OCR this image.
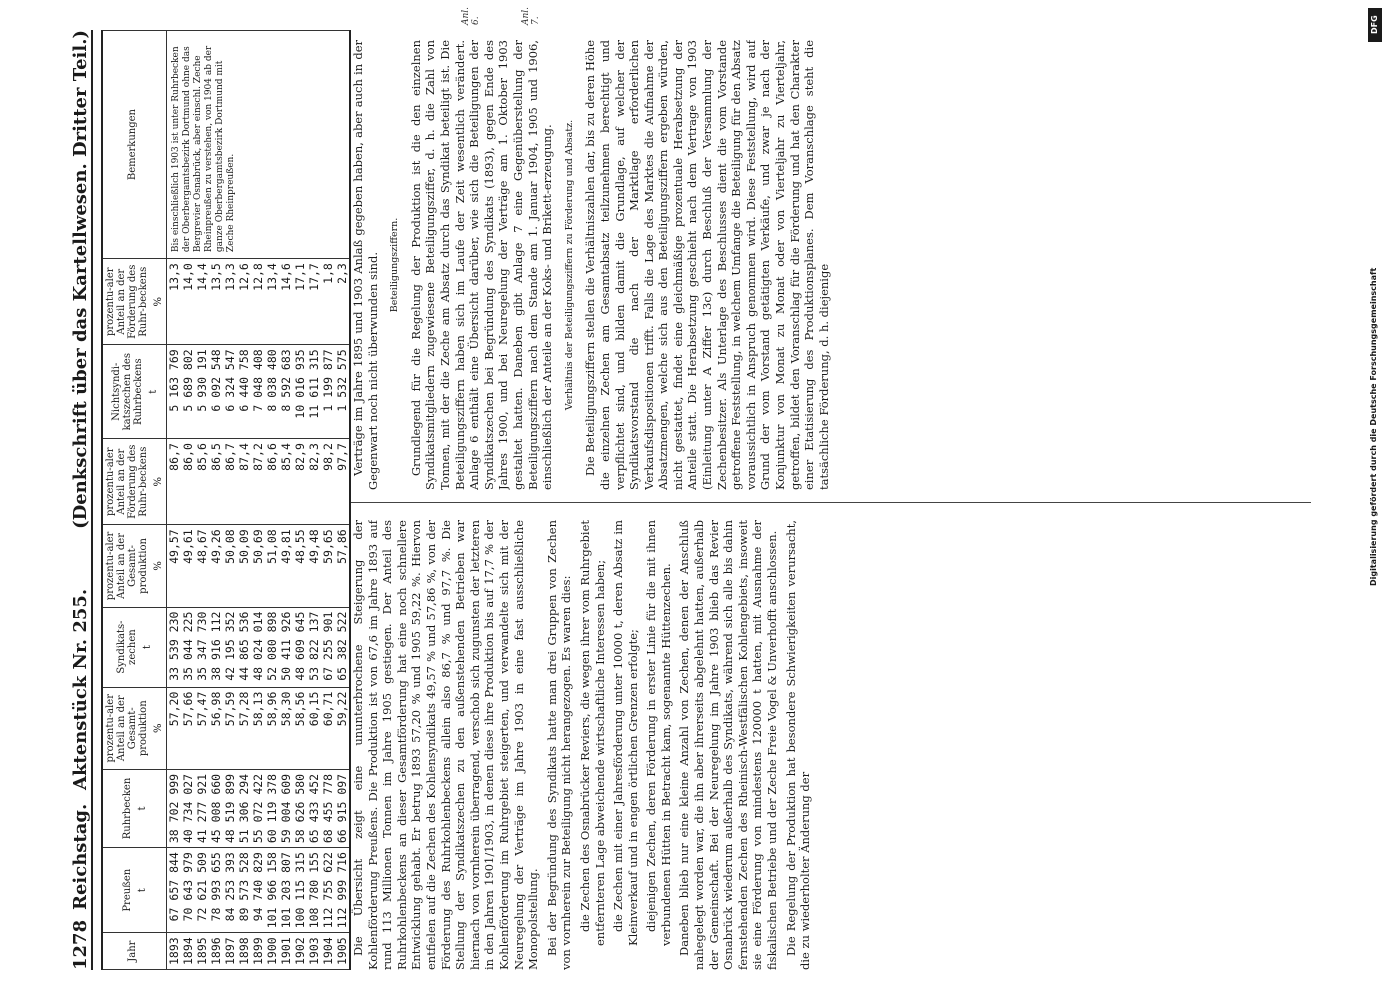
1278
Reichstag.
Aktenstück Nr. 255.
(Denkschrift über das Kartellwesen. Dritter Teil.)
Jahr	Preußen t	Ruhrbecken t	prozentu-aler Anteil an der Gesamt-produktion %	Syndikats-zechen t	prozentu-aler Anteil an der Gesamt-produktion %	prozentu-aler Anteil an der Förderung des Ruhr-beckens %	Nichtsyndi-katszechen des Ruhrbeckens t	prozentu-aler Anteil an der Förderung des Ruhr-beckens %	Bemerkungen

1893	67 657 844	38 702 999	57,20	33 539 230	49,57	86,7	5 163 769	13,3	Bis einschließlich 1903 ist unter Ruhrbecken der Oberbergamtsbezirk Dortmund ohne das Bergrevier Osnabrück, aber einschl. Zeche Rheinpreußen zu verstehen, von 1904 ab der ganze Oberbergamtsbezirk Dortmund mit Zeche Rheinpreußen.
1894	70 643 979	40 734 027	57,66	35 044 225	49,61	86,0	5 689 802	14,0	
1895	72 621 509	41 277 921	57,47	35 347 730	48,67	85,6	5 930 191	14,4	
1896	78 993 655	45 008 660	56,98	38 916 112	49,26	86,5	6 092 548	13,5	
1897	84 253 393	48 519 899	57,59	42 195 352	50,08	86,7	6 324 547	13,3	
1898	89 573 528	51 306 294	57,28	44 865 536	50,09	87,4	6 440 758	12,6	
1899	94 740 829	55 072 422	58,13	48 024 014	50,69	87,2	7 048 408	12,8	
1900	101 966 158	60 119 378	58,96	52 080 898	51,08	86,6	8 038 480	13,4	
1901	101 203 807	59 004 609	58,30	50 411 926	49,81	85,4	8 592 683	14,6	
1902	100 115 315	58 626 580	58,56	48 609 645	48,55	82,9	10 016 935	17,1	
1903	108 780 155	65 433 452	60,15	53 822 137	49,48	82,3	11 611 315	17,7	
1904	112 755 622	68 455 778	60,71	67 255 901	59,65	98,2	1 199 877	1,8	
1905	112 999 716	66 915 097	59,22	65 382 522	57,86	97,7	1 532 575	2,3	

Die Übersicht zeigt eine ununterbrochene Steigerung der Kohlenförderung Preußens. Die Produktion ist von 67,6 im Jahre 1893 auf rund 113 Millionen Tonnen im Jahre 1905 gestiegen. Der Anteil des Ruhrkohlenbeckens an dieser Gesamtförderung hat eine noch schnellere Entwicklung gehabt. Er betrug 1893 57,20 % und 1905 59,22 %. Hiervon entfielen auf die Zechen des Kohlensyndikats 49,57 % und 57,86 %, von der Förderung des Ruhrkohlenbeckens allein also 86,7 % und 97,7 %. Die Stellung der Syndikatszechen zu den außenstehenden Betrieben war hiernach von vornherein überragend, verschob sich zugunsten der letzteren in den Jahren 1901/1903, in denen diese ihre Produktion bis auf 17,7 % der Kohlenförderung im Ruhrgebiet steigerten, und verwandelte sich mit der Neuregelung der Verträge im Jahre 1903 in eine fast ausschließliche Monopolstellung. Bei der Begründung des Syndikats hatte man drei Gruppen von Zechen von vornherein zur Beteiligung nicht herangezogen. Es waren dies: die Zechen des Osnabrücker Reviers, die wegen ihrer vom Ruhrgebiet entfernteren Lage abweichende wirtschaftliche Interessen haben; die Zechen mit einer Jahresförderung unter 10000 t, deren Absatz im Kleinverkauf und in engen örtlichen Grenzen erfolgte; diejenigen Zechen, deren Förderung in erster Linie für die mit ihnen verbundenen Hütten in Betracht kam, sogenannte Hüttenzechen. Daneben blieb nur eine kleine Anzahl von Zechen, denen der Anschluß nahegelegt worden war, die ihn aber ihrerseits abgelehnt hatten, außerhalb der Gemeinschaft. Bei der Neuregelung im Jahre 1903 blieb das Revier Osnabrück wiederum außerhalb des Syndikats, während sich alle bis dahin fernstehenden Zechen des Rheinisch-Westfälischen Kohlengebiets, insoweit sie eine Förderung von mindestens 120000 t hatten, mit Ausnahme der fiskalischen Betriebe und der Zeche Freie Vogel & Unverhofft anschlossen. Die Regelung der Produktion hat besondere Schwierigkeiten verursacht, die zu wiederholter Änderung der

Verträge im Jahre 1895 und 1903 Anlaß gegeben haben, aber auch in der Gegenwart noch nicht überwunden sind. Beteiligungsziffern. Grundlegend für die Regelung der Produktion ist die den einzelnen Syndikatsmitgliedern zugewiesene Beteiligungsziffer, d. h. die Zahl von Tonnen, mit der die Zeche am Absatz durch das Syndikat beteiligt ist. Die Beteiligungsziffern haben sich im Laufe der Zeit wesentlich verändert. Anlage 6 enthält eine Übersicht darüber, wie sich die Beteiligungen der Syndikatszechen bei Begründung des Syndikats (1893), gegen Ende des Jahres 1900, und bei Neuregelung der Verträge am 1. Oktober 1903 gestaltet hatten. Daneben gibt Anlage 7 eine Gegenüberstellung der Beteiligungsziffern nach dem Stande am 1. Januar 1904, 1905 und 1906, einschließlich der Anteile an der Koks- und Brikett-erzeugung. Verhältnis der Beteiligungsziffern zu Förderung und Absatz. Die Beteiligungsziffern stellen die Verhältniszahlen dar, bis zu deren Höhe die einzelnen Zechen am Gesamtabsatz teilzunehmen berechtigt und verpflichtet sind, und bilden damit die Grundlage, auf welcher der Syndikatsvorstand die nach der Marktlage erforderlichen Verkaufsdispositionen trifft. Falls die Lage des Marktes die Aufnahme der Absatzmengen, welche sich aus den Beteiligungsziffern ergeben würden, nicht gestattet, findet eine gleichmäßige prozentuale Herabsetzung der Anteile statt. Die Herabsetzung geschieht nach dem Vertrage von 1903 (Einleitung unter A Ziffer 13c) durch Beschluß der Versammlung der Zechenbesitzer. Als Unterlage des Beschlusses dient die vom Vorstande getroffene Feststellung, in welchem Umfange die Beteiligung für den Absatz voraussichtlich in Anspruch genommen wird. Diese Feststellung, wird auf Grund der vom Vorstand getätigten Verkäufe, und zwar je nach der Konjunktur von Monat zu Monat oder von Vierteljahr zu Vierteljahr, getroffen, bildet den Voranschlag für die Förderung und hat den Charakter einer Etatisierung des Produktionsplanes. Dem Voranschlage steht die tatsächliche Förderung, d. h. diejenige

Anl. 6.	Anl. 7.	DFG
Digitalisierung gefördert durch die Deutsche Forschungsgemeinschaft
